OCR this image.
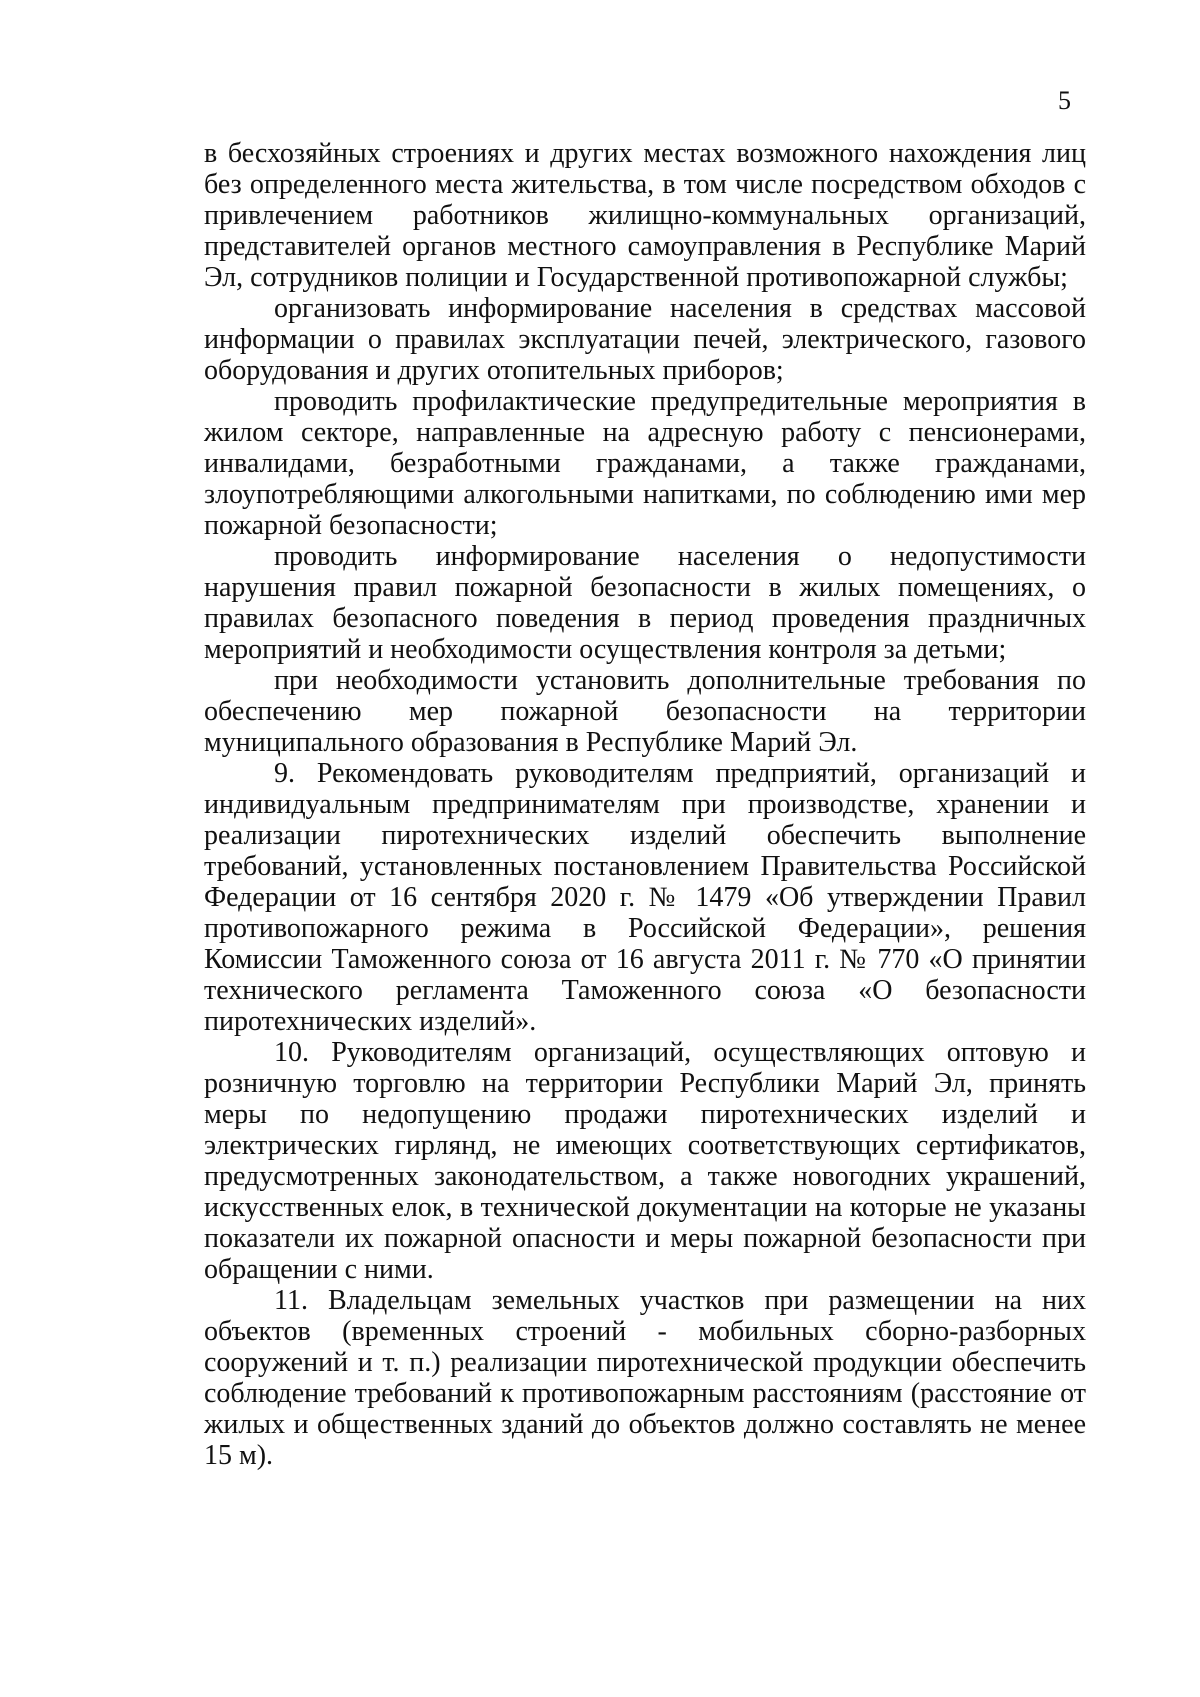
5

в бесхозяйных строениях и других местах возможного нахождения лиц без определенного места жительства, в том числе посредством обходов с привлечением работников жилищно-коммунальных организаций, представителей органов местного самоуправления в Республике Марий Эл, сотрудников полиции и Государственной противопожарной службы;

организовать информирование населения в средствах массовой информации о правилах эксплуатации печей, электрического, газового оборудования и других отопительных приборов;

проводить профилактические предупредительные мероприятия в жилом секторе, направленные на адресную работу с пенсионерами, инвалидами, безработными гражданами, а также гражданами, злоупотребляющими алкогольными напитками, по соблюдению ими мер пожарной безопасности;

проводить информирование населения о недопустимости нарушения правил пожарной безопасности в жилых помещениях, о правилах безопасного поведения в период проведения праздничных мероприятий и необходимости осуществления контроля за детьми;

при необходимости установить дополнительные требования по обеспечению мер пожарной безопасности на территории муниципального образования в Республике Марий Эл.

9. Рекомендовать руководителям предприятий, организаций и индивидуальным предпринимателям при производстве, хранении и реализации пиротехнических изделий обеспечить выполнение требований, установленных постановлением Правительства Российской Федерации от 16 сентября 2020 г. № 1479 «Об утверждении Правил противопожарного режима в Российской Федерации», решения Комиссии Таможенного союза от 16 августа 2011 г. № 770 «О принятии технического регламента Таможенного союза «О безопасности пиротехнических изделий».

10. Руководителям организаций, осуществляющих оптовую и розничную торговлю на территории Республики Марий Эл, принять меры по недопущению продажи пиротехнических изделий и электрических гирлянд, не имеющих соответствующих сертификатов, предусмотренных законодательством, а также новогодних украшений, искусственных елок, в технической документации на которые не указаны показатели их пожарной опасности и меры пожарной безопасности при обращении с ними.

11. Владельцам земельных участков при размещении на них объектов (временных строений - мобильных сборно-разборных сооружений и т. п.) реализации пиротехнической продукции обеспечить соблюдение требований к противопожарным расстояниям (расстояние от жилых и общественных зданий до объектов должно составлять не менее 15 м).
